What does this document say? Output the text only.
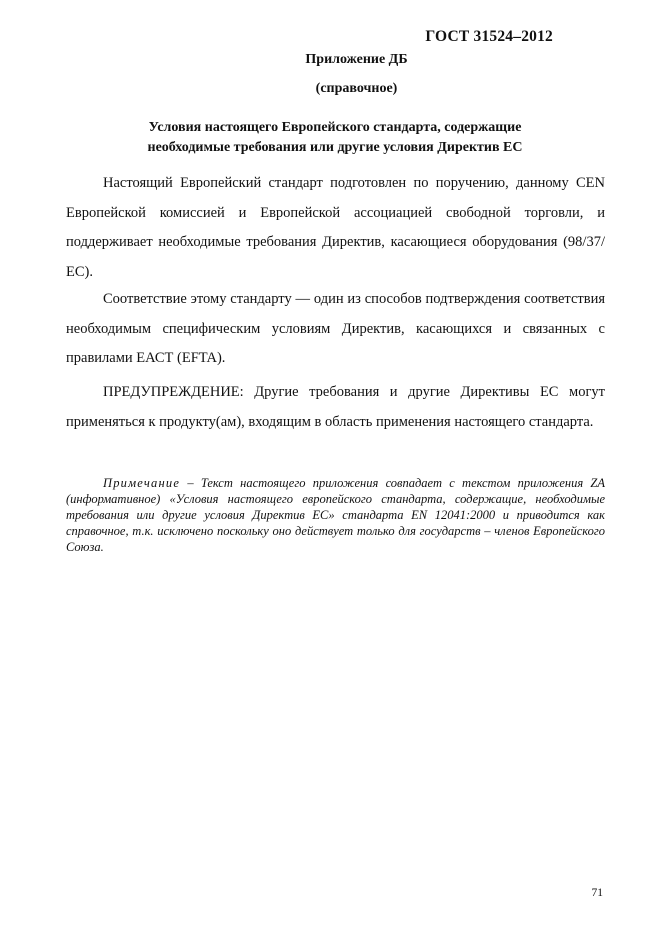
ГОСТ 31524–2012
Приложение ДБ
(справочное)
Условия настоящего Европейского стандарта, содержащие
необходимые требования или другие условия Директив ЕС

Настоящий Европейский стандарт подготовлен по поручению, данному CEN Европейской комиссией и Европейской ассоциацией свободной торговли, и поддерживает необходимые требования Директив, касающиеся оборудования (98/37/ЕС).

Соответствие этому стандарту — один из способов подтверждения соответствия необходимым специфическим условиям Директив, касающихся и связанных с правилами ЕАСТ (EFTA).

ПРЕДУПРЕЖДЕНИЕ: Другие требования и другие Директивы ЕС могут применяться к продукту(ам), входящим в область применения настоящего стандарта.

Примечание – Текст настоящего приложения совпадает с текстом приложения ZA (информативное) «Условия настоящего европейского стандарта, содержащие, необходимые требования или другие условия Директив ЕС» стандарта EN 12041:2000 и приводится как справочное, т.к. исключено поскольку оно действует только для государств – членов Европейского Союза.

71
